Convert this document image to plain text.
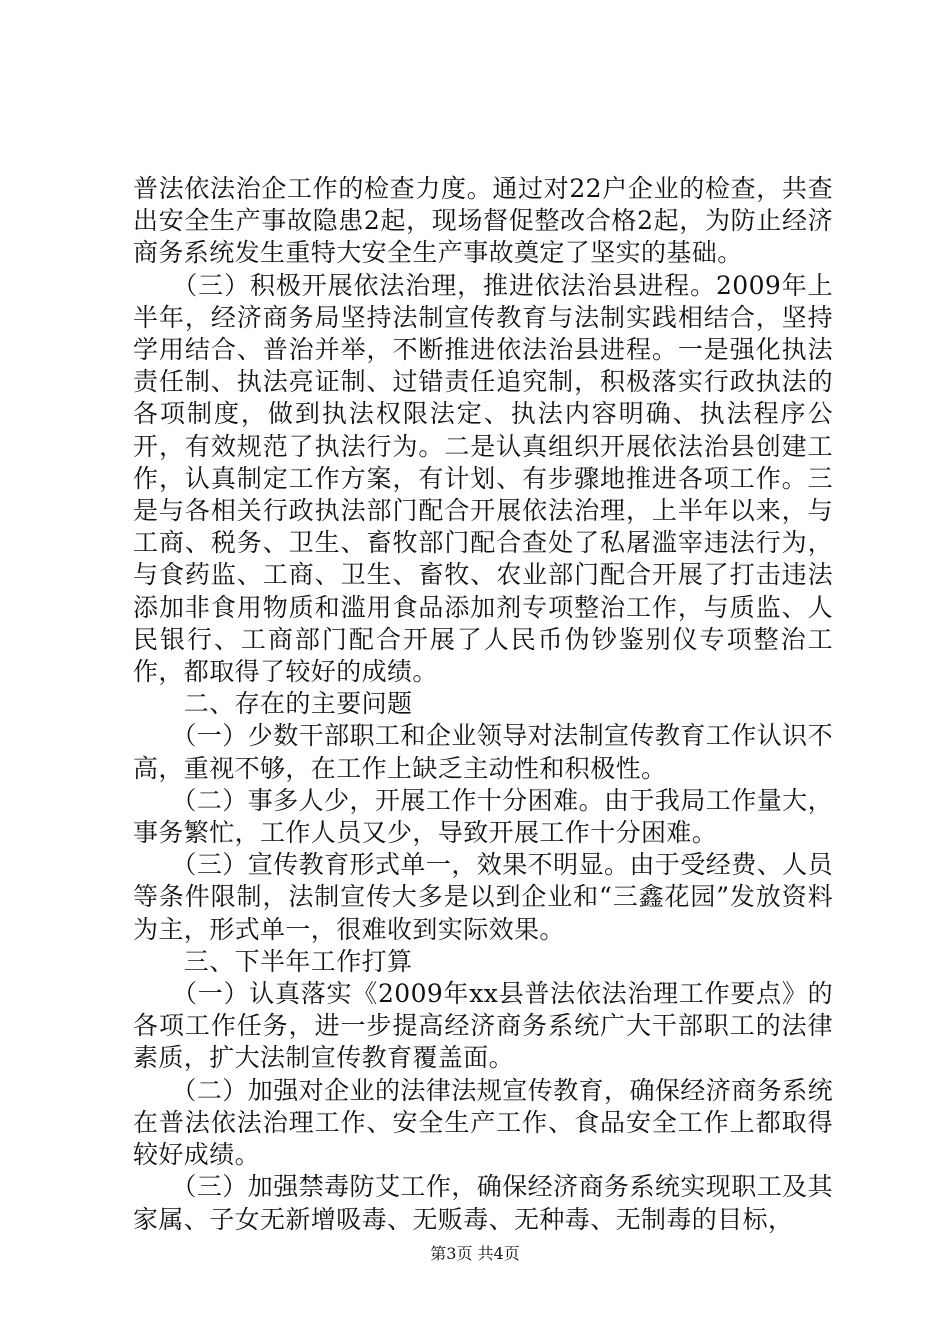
普法依法治企工作的检查力度。通过对22户企业的检查，共查出安全生产事故隐患2起，现场督促整改合格2起，为防止经济商务系统发生重特大安全生产事故奠定了坚实的基础。

　　（三）积极开展依法治理，推进依法治县进程。2009年上半年，经济商务局坚持法制宣传教育与法制实践相结合，坚持学用结合、普治并举，不断推进依法治县进程。一是强化执法责任制、执法亮证制、过错责任追究制，积极落实行政执法的各项制度，做到执法权限法定、执法内容明确、执法程序公开，有效规范了执法行为。二是认真组织开展依法治县创建工作，认真制定工作方案，有计划、有步骤地推进各项工作。三是与各相关行政执法部门配合开展依法治理，上半年以来，与工商、税务、卫生、畜牧部门配合查处了私屠滥宰违法行为，与食药监、工商、卫生、畜牧、农业部门配合开展了打击违法添加非食用物质和滥用食品添加剂专项整治工作，与质监、人民银行、工商部门配合开展了人民币伪钞鉴别仪专项整治工作，都取得了较好的成绩。

　　二、存在的主要问题

　　（一）少数干部职工和企业领导对法制宣传教育工作认识不高，重视不够，在工作上缺乏主动性和积极性。

　　（二）事多人少，开展工作十分困难。由于我局工作量大，事务繁忙，工作人员又少，导致开展工作十分困难。

　　（三）宣传教育形式单一，效果不明显。由于受经费、人员等条件限制，法制宣传大多是以到企业和“三鑫花园”发放资料为主，形式单一，很难收到实际效果。

　　三、下半年工作打算

　　（一）认真落实《2009年xx县普法依法治理工作要点》的各项工作任务，进一步提高经济商务系统广大干部职工的法律素质，扩大法制宣传教育覆盖面。

　　（二）加强对企业的法律法规宣传教育，确保经济商务系统在普法依法治理工作、安全生产工作、食品安全工作上都取得较好成绩。

　　（三）加强禁毒防艾工作，确保经济商务系统实现职工及其家属、子女无新增吸毒、无贩毒、无种毒、无制毒的目标，

第3页 共4页
